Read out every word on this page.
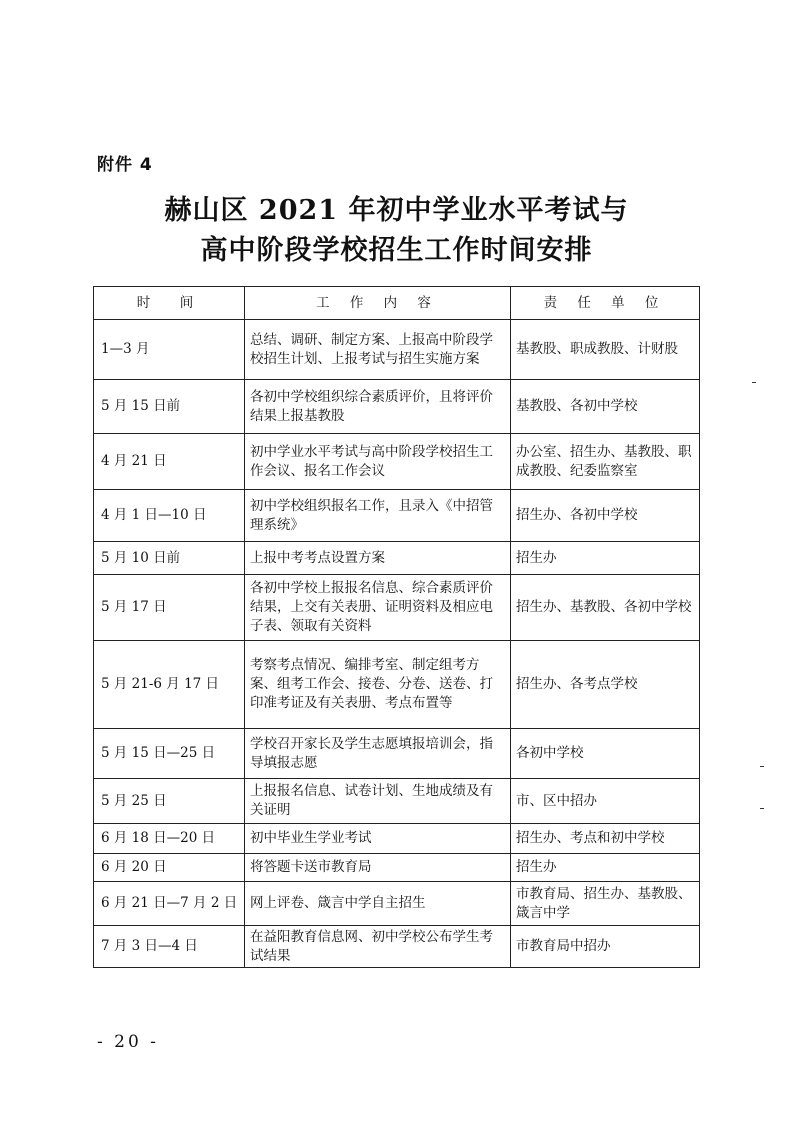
附件 4
赫山区 2021 年初中学业水平考试与
高中阶段学校招生工作时间安排
时　间	工 作 内 容	责 任 单 位
1—3 月	总结、调研、制定方案、上报高中阶段学校招生计划、上报考试与招生实施方案	基教股、职成教股、计财股
5 月 15 日前	各初中学校组织综合素质评价，且将评价结果上报基教股	基教股、各初中学校
4 月 21 日	初中学业水平考试与高中阶段学校招生工作会议、报名工作会议	办公室、招生办、基教股、职成教股、纪委监察室
4 月 1 日—10 日	初中学校组织报名工作，且录入《中招管理系统》	招生办、各初中学校
5 月 10 日前	上报中考考点设置方案	招生办
5 月 17 日	各初中学校上报报名信息、综合素质评价结果，上交有关表册、证明资料及相应电子表、领取有关资料	招生办、基教股、各初中学校
5 月 21-6 月 17 日	考察考点情况、编排考室、制定组考方案、组考工作会、接卷、分卷、送卷、打印准考证及有关表册、考点布置等	招生办、各考点学校
5 月 15 日—25 日	学校召开家长及学生志愿填报培训会，指导填报志愿	各初中学校
5 月 25 日	上报报名信息、试卷计划、生地成绩及有关证明	市、区中招办
6 月 18 日—20 日	初中毕业生学业考试	招生办、考点和初中学校
6 月 20 日	将答题卡送市教育局	招生办
6 月 21 日—7 月 2 日	网上评卷、箴言中学自主招生	市教育局、招生办、基教股、箴言中学
7 月 3 日—4 日	在益阳教育信息网、初中学校公布学生考试结果	市教育局中招办
- 20 -
